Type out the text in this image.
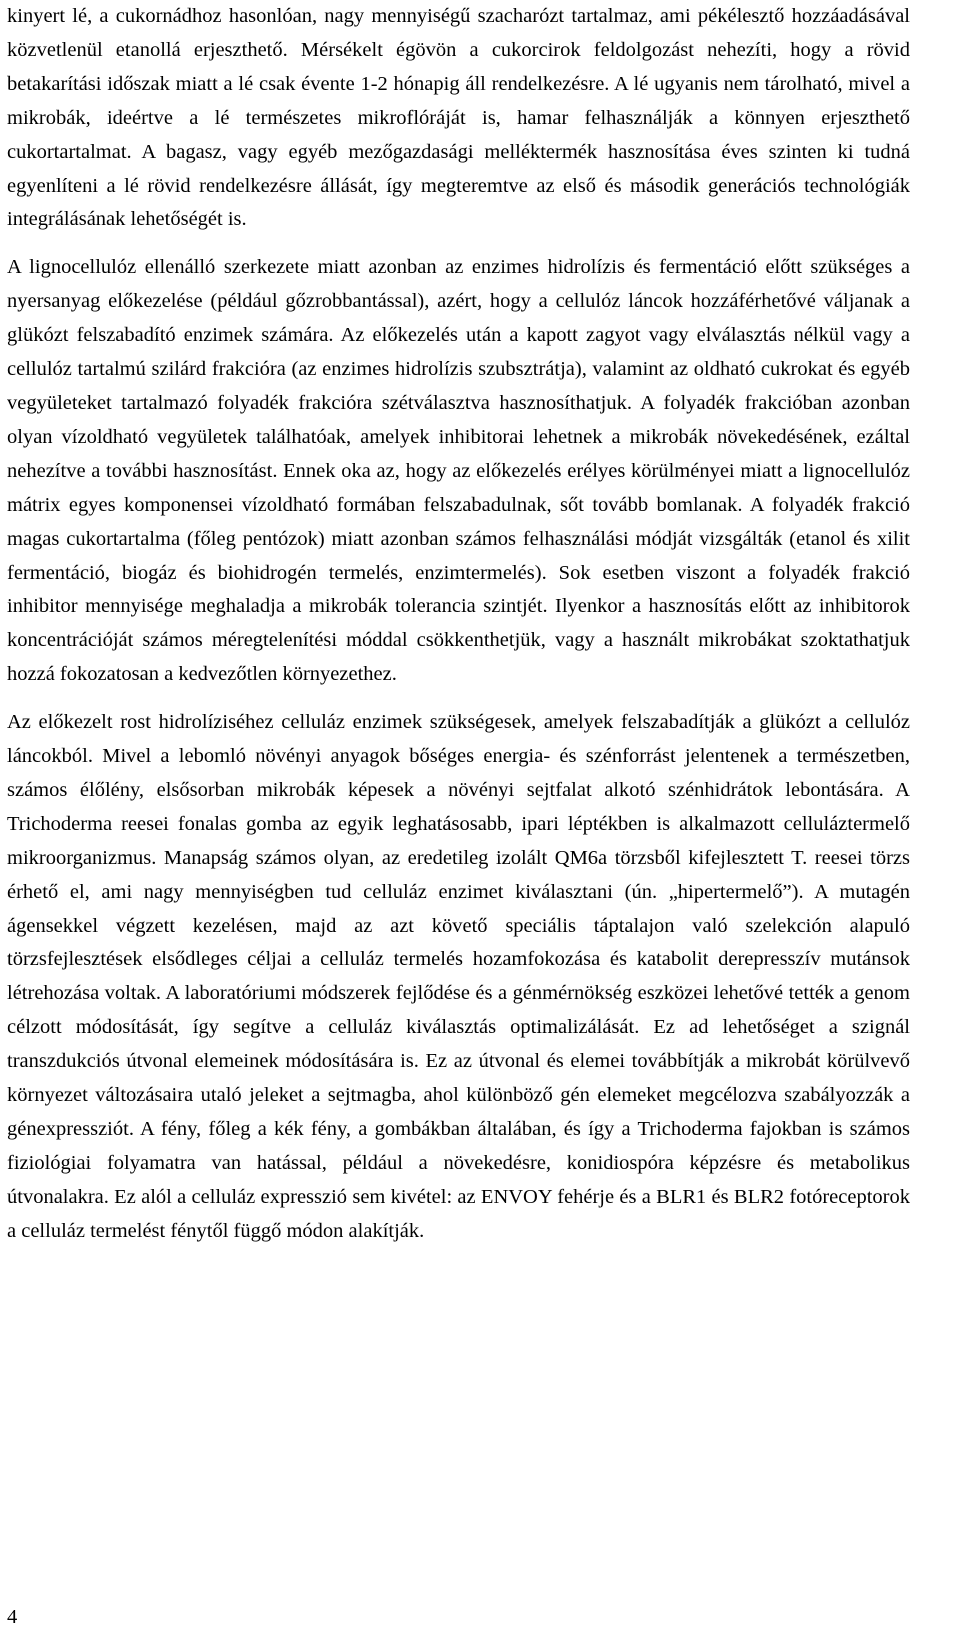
kinyert lé, a cukornádhoz hasonlóan, nagy mennyiségű szacharózt tartalmaz, ami pékélesztő hozzáadásával közvetlenül etanollá erjeszthető. Mérsékelt égövön a cukorcirok feldolgozást nehezíti, hogy a rövid betakarítási időszak miatt a lé csak évente 1-2 hónapig áll rendelkezésre. A lé ugyanis nem tárolható, mivel a mikrobák, ideértve a lé természetes mikroflóráját is, hamar felhasználják a könnyen erjeszthető cukortartalmat. A bagasz, vagy egyéb mezőgazdasági melléktermék hasznosítása éves szinten ki tudná egyenlíteni a lé rövid rendelkezésre állását, így megteremtve az első és második generációs technológiák integrálásának lehetőségét is.

A lignocellulóz ellenálló szerkezete miatt azonban az enzimes hidrolízis és fermentáció előtt szükséges a nyersanyag előkezelése (például gőzrobbantással), azért, hogy a cellulóz láncok hozzáférhetővé váljanak a glükózt felszabadító enzimek számára. Az előkezelés után a kapott zagyot vagy elválasztás nélkül vagy a cellulóz tartalmú szilárd frakcióra (az enzimes hidrolízis szubsztrátja), valamint az oldható cukrokat és egyéb vegyületeket tartalmazó folyadék frakcióra szétválasztva hasznosíthatjuk. A folyadék frakcióban azonban olyan vízoldható vegyületek találhatóak, amelyek inhibitorai lehetnek a mikrobák növekedésének, ezáltal nehezítve a további hasznosítást. Ennek oka az, hogy az előkezelés erélyes körülményei miatt a lignocellulóz mátrix egyes komponensei vízoldható formában felszabadulnak, sőt tovább bomlanak. A folyadék frakció magas cukortartalma (főleg pentózok) miatt azonban számos felhasználási módját vizsgálták (etanol és xilit fermentáció, biogáz és biohidrogén termelés, enzimtermelés). Sok esetben viszont a folyadék frakció inhibitor mennyisége meghaladja a mikrobák tolerancia szintjét. Ilyenkor a hasznosítás előtt az inhibitorok koncentrációját számos méregtelenítési móddal csökkenthetjük, vagy a használt mikrobákat szoktathatjuk hozzá fokozatosan a kedvezőtlen környezethez.

Az előkezelt rost hidrolíziséhez celluláz enzimek szükségesek, amelyek felszabadítják a glükózt a cellulóz láncokból. Mivel a lebomló növényi anyagok bőséges energia- és szénforrást jelentenek a természetben, számos élőlény, elsősorban mikrobák képesek a növényi sejtfalat alkotó szénhidrátok lebontására. A Trichoderma reesei fonalas gomba az egyik leghatásosabb, ipari léptékben is alkalmazott celluláztermelő mikroorganizmus. Manapság számos olyan, az eredetileg izolált QM6a törzsből kifejlesztett T. reesei törzs érhető el, ami nagy mennyiségben tud celluláz enzimet kiválasztani (ún. „hipertermelő”). A mutagén ágensekkel végzett kezelésen, majd az azt követő speciális táptalajon való szelekción alapuló törzsfejlesztések elsődleges céljai a celluláz termelés hozamfokozása és katabolit derepresszív mutánsok létrehozása voltak. A laboratóriumi módszerek fejlődése és a génmérnökség eszközei lehetővé tették a genom célzott módosítását, így segítve a celluláz kiválasztás optimalizálását. Ez ad lehetőséget a szignál transzdukciós útvonal elemeinek módosítására is. Ez az útvonal és elemei továbbítják a mikrobát körülvevő környezet változásaira utaló jeleket a sejtmagba, ahol különböző gén elemeket megcélozva szabályozzák a génexpressziót. A fény, főleg a kék fény, a gombákban általában, és így a Trichoderma fajokban is számos fiziológiai folyamatra van hatással, például a növekedésre, konidiospóra képzésre és metabolikus útvonalakra. Ez alól a celluláz expresszió sem kivétel: az ENVOY fehérje és a BLR1 és BLR2 fotóreceptorok a celluláz termelést fénytől függő módon alakítják.

4
